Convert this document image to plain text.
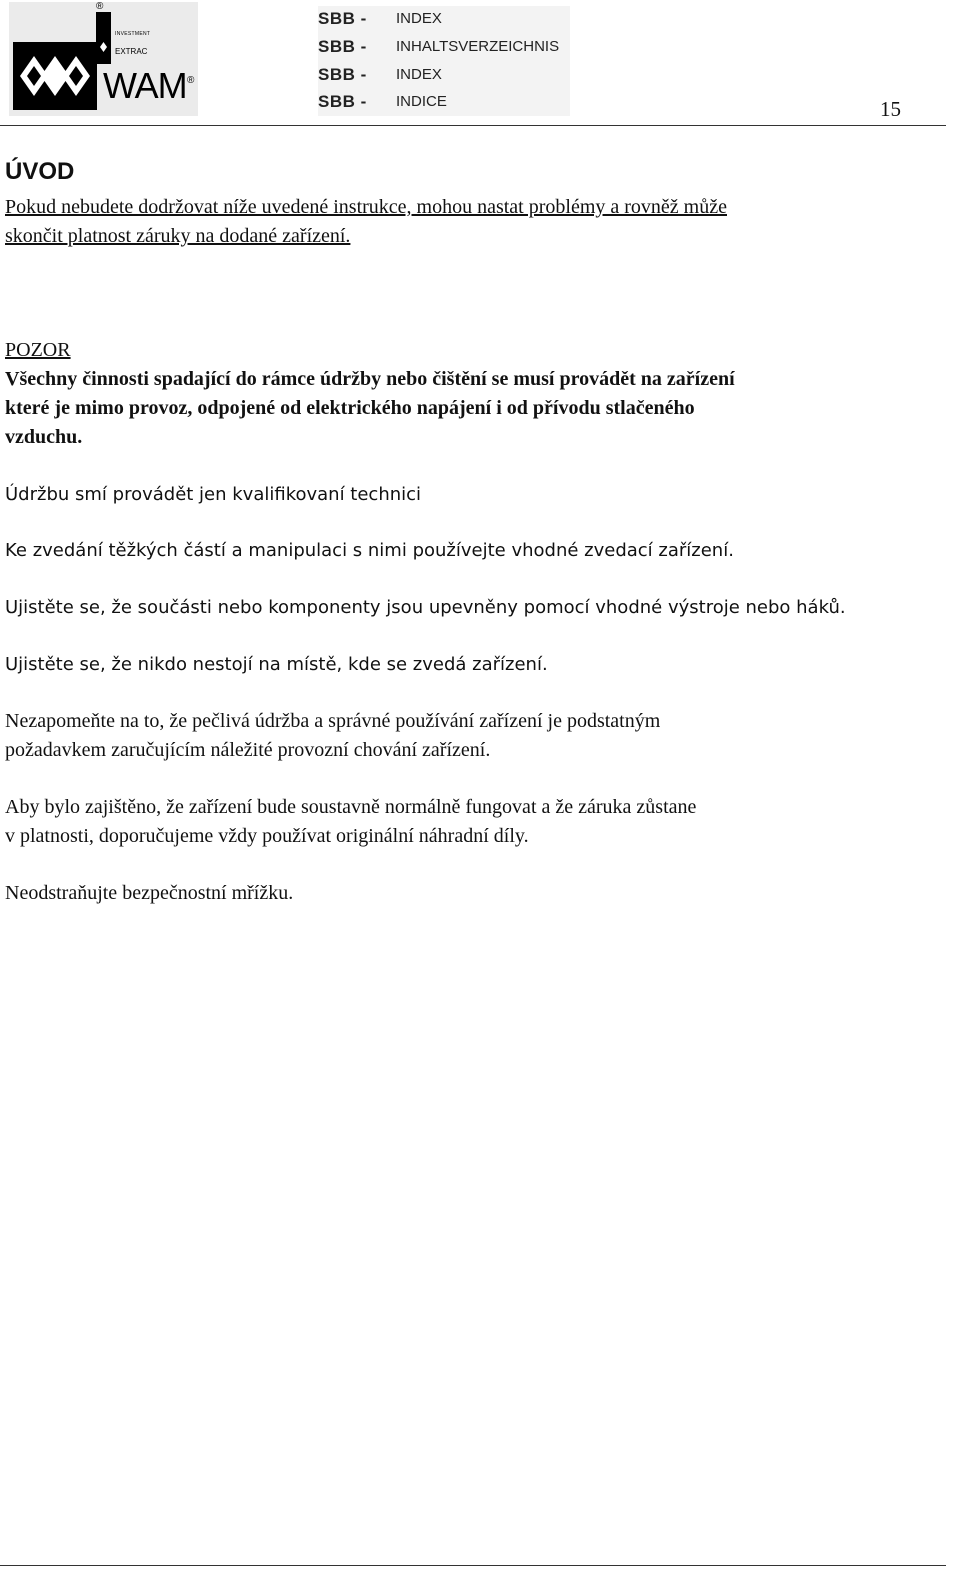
®
INVESTMENT
EXTRAC
WAM ®
SBB - INDEX
SBB - INHALTSVERZEICHNIS
SBB - INDEX
SBB - INDICE	15
ÚVOD
Pokud nebudete dodržovat níže uvedené instrukce, mohou nastat problémy a rovněž může
skončit platnost záruky na dodané zařízení.
POZOR
Všechny činnosti spadající do rámce údržby nebo čištění se musí provádět na zařízení
které je mimo provoz, odpojené od elektrického napájení i od přívodu stlačeného
vzduchu.
Údržbu smí provádět jen kvalifikovaní technici
Ke zvedání těžkých částí a manipulaci s nimi používejte vhodné zvedací zařízení.
Ujistěte se, že součásti nebo komponenty jsou upevněny pomocí vhodné výstroje nebo háků.
Ujistěte se, že nikdo nestojí na místě, kde se zvedá zařízení.
Nezapomeňte na to, že pečlivá údržba a správné používání zařízení je podstatným
požadavkem zaručujícím náležité provozní chování zařízení.
Aby bylo zajištěno, že zařízení bude soustavně normálně fungovat a že záruka zůstane
v platnosti, doporučujeme vždy používat originální náhradní díly.
Neodstraňujte bezpečnostní mřížku.
